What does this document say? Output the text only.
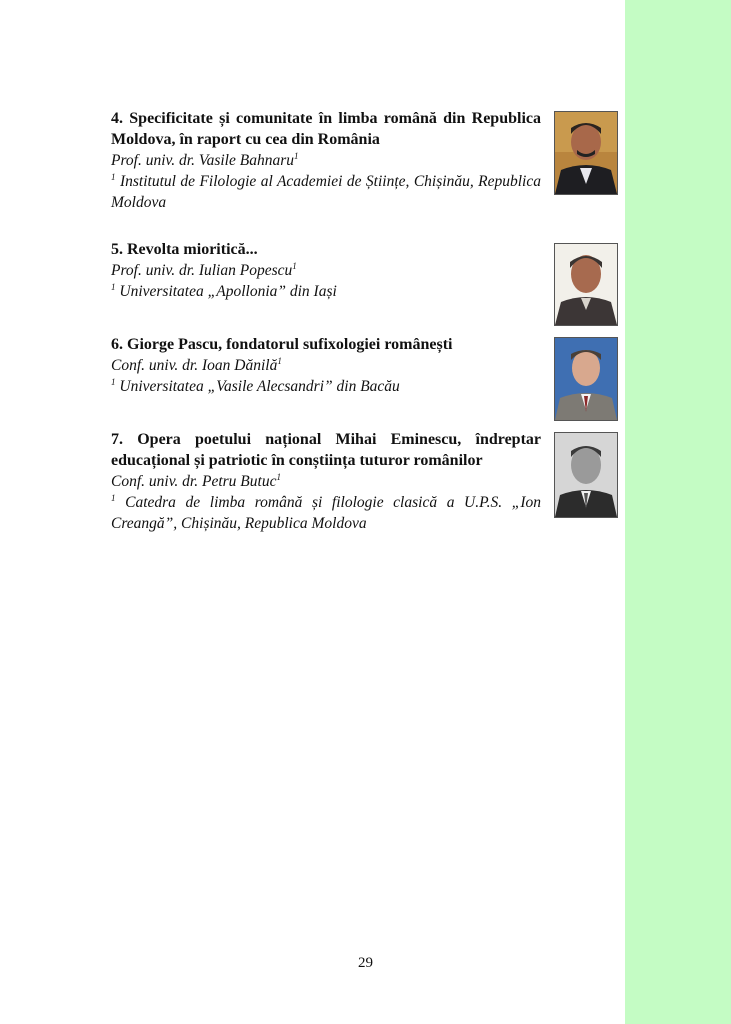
4. Specificitate și comunitate în limba română din Republica Moldova, în raport cu cea din România

Prof. univ. dr. Vasile Bahnaru$^1$

$^1$ Institutul de Filologie al Academiei de Științe, Chișinău, Republica Moldova

5. Revolta mioritică...

Prof. univ. dr. Iulian Popescu$^1$

$^1$ Universitatea „Apollonia” din Iași

6. Giorge Pascu, fondatorul sufixologiei românești

Conf. univ. dr. Ioan Dănilă$^1$

$^1$ Universitatea „Vasile Alecsandri” din Bacău

7. Opera poetului național Mihai Eminescu, îndreptar educațional și patriotic în conștiința tuturor românilor

Conf. univ. dr. Petru Butuc$^1$

$^1$ Catedra de limba română și filologie clasică a U.P.S. „Ion Creangă”, Chișinău, Republica Moldova

29
